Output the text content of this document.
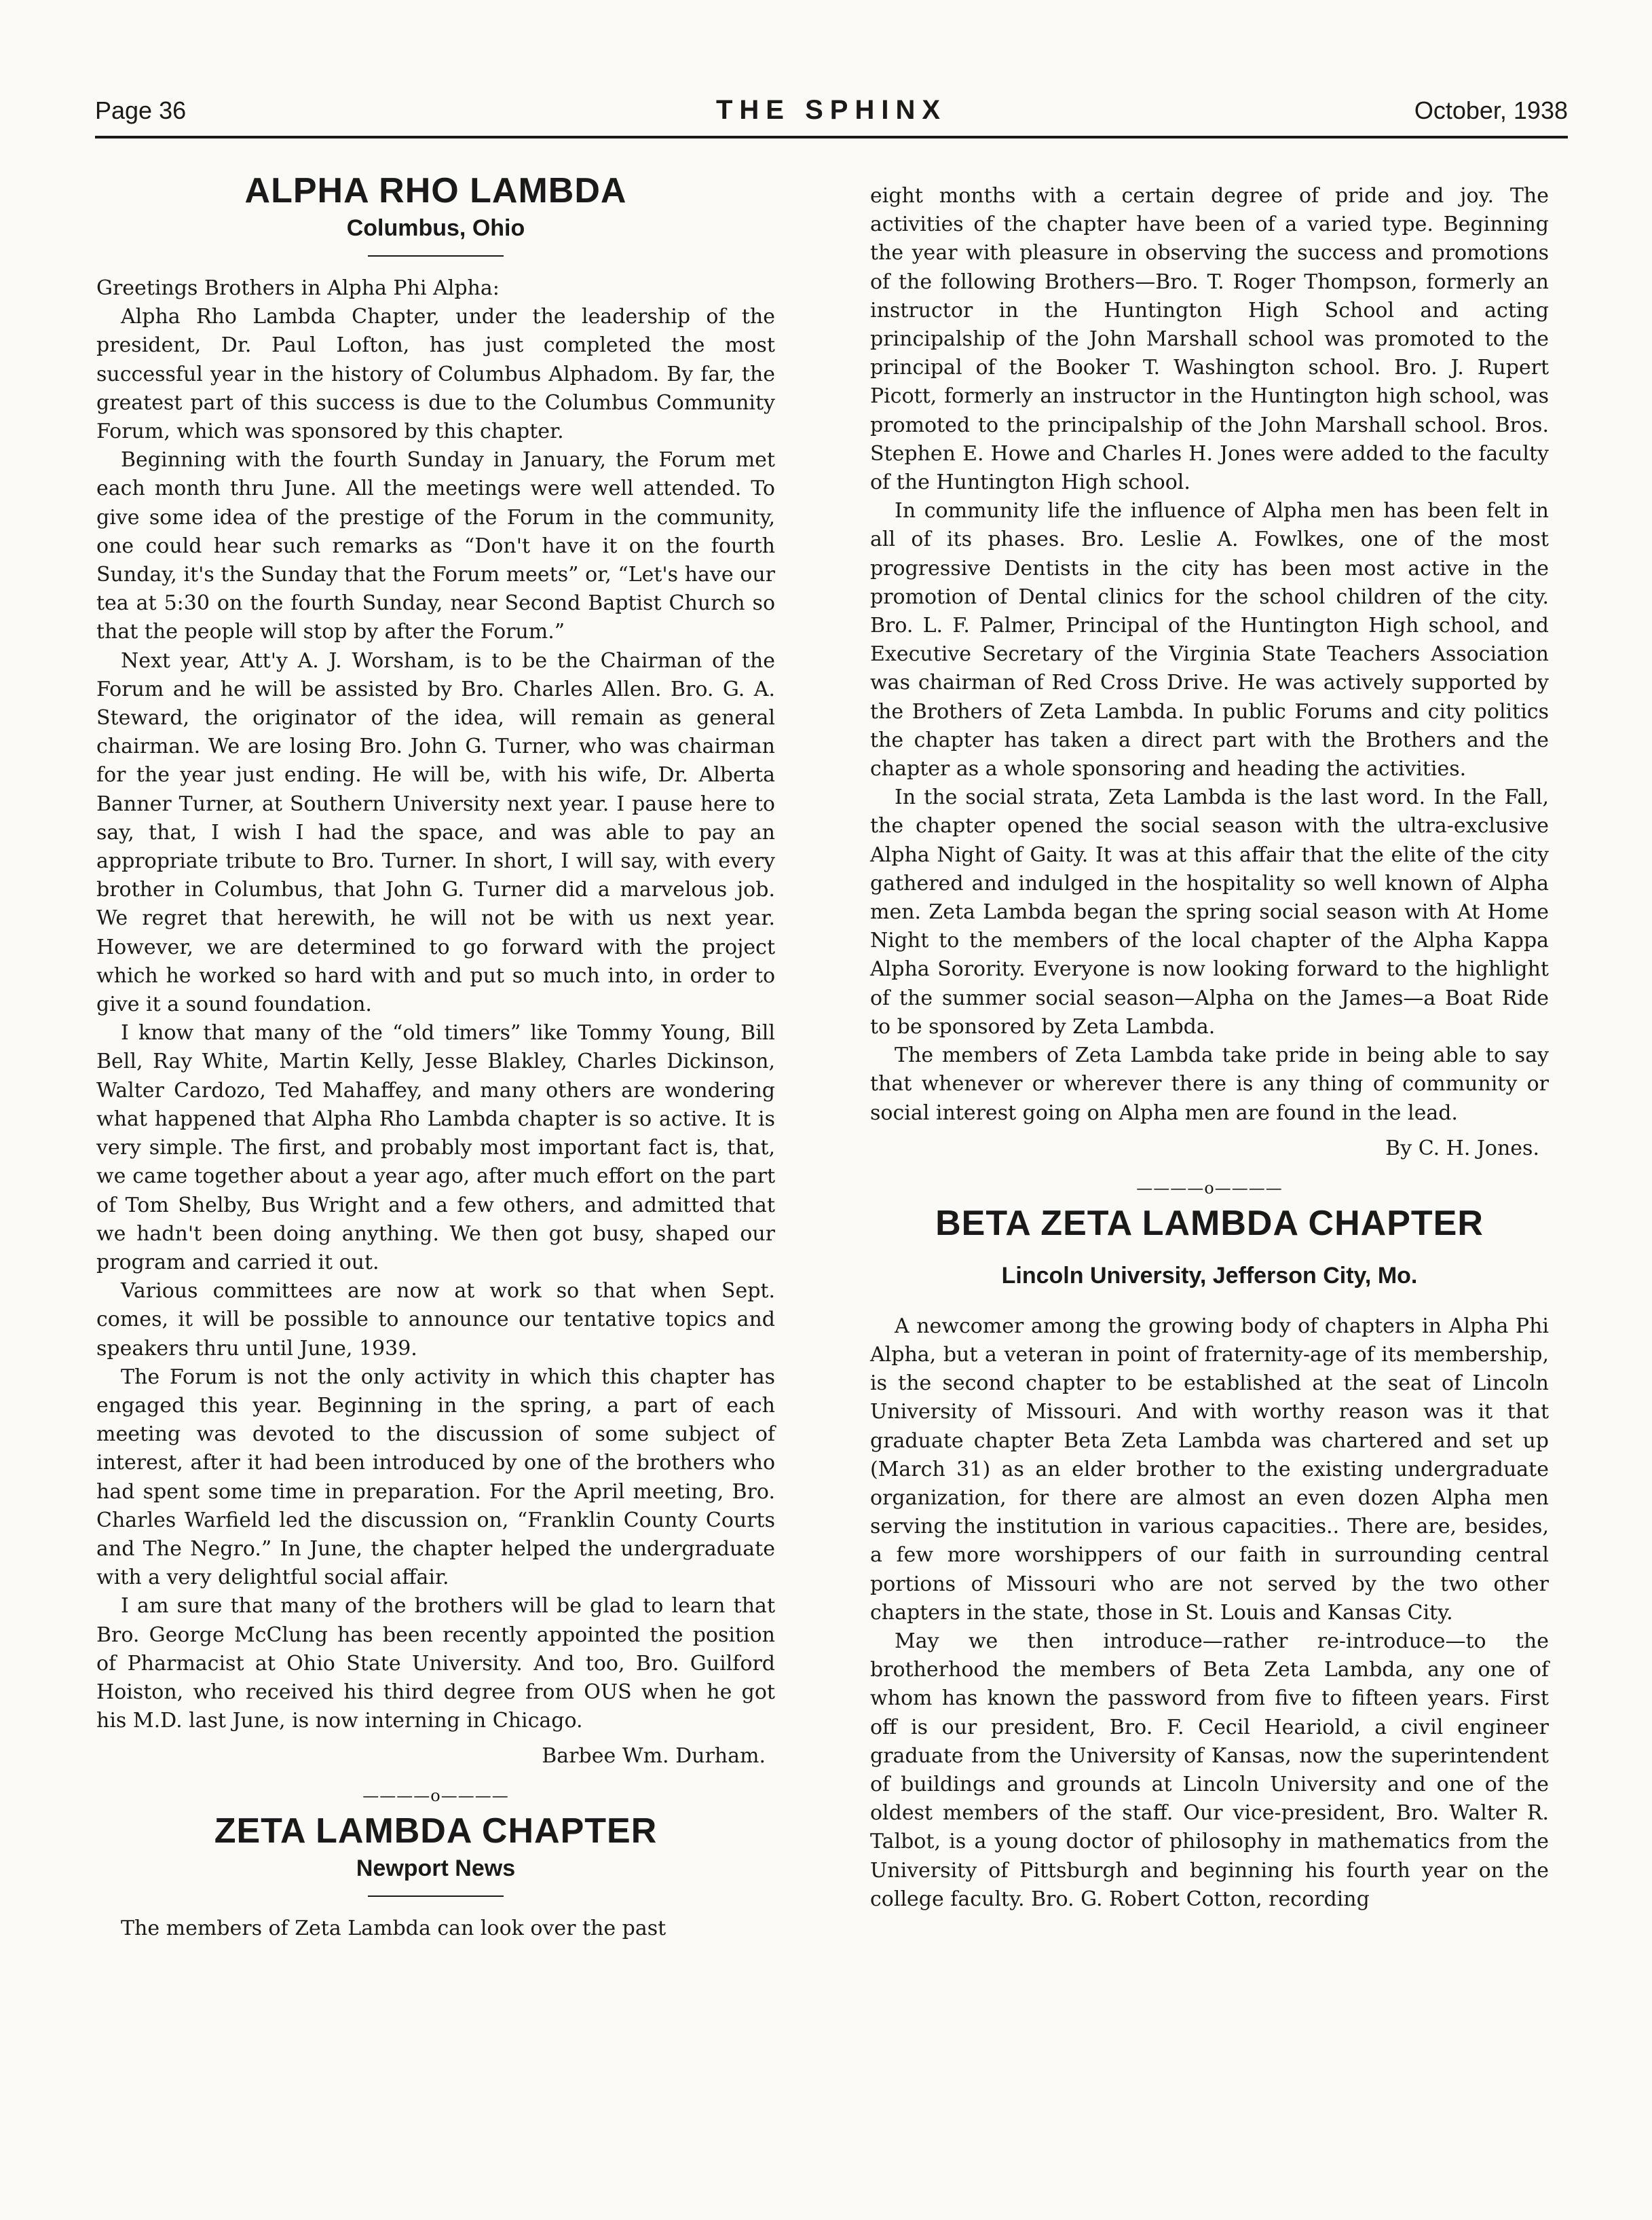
Page 36	THE SPHINX	October, 1938
ALPHA RHO LAMBDA
Columbus, Ohio

Greetings Brothers in Alpha Phi Alpha:

Alpha Rho Lambda Chapter, under the leadership of the president, Dr. Paul Lofton, has just completed the most successful year in the history of Columbus Alphadom. By far, the greatest part of this success is due to the Columbus Community Forum, which was sponsored by this chapter.

Beginning with the fourth Sunday in January, the Forum met each month thru June. All the meetings were well attended. To give some idea of the prestige of the Forum in the community, one could hear such remarks as “Don't have it on the fourth Sunday, it's the Sunday that the Forum meets” or, “Let's have our tea at 5:30 on the fourth Sunday, near Second Baptist Church so that the people will stop by after the Forum.”

Next year, Att'y A. J. Worsham, is to be the Chairman of the Forum and he will be assisted by Bro. Charles Allen. Bro. G. A. Steward, the originator of the idea, will remain as general chairman. We are losing Bro. John G. Turner, who was chairman for the year just ending. He will be, with his wife, Dr. Alberta Banner Turner, at Southern University next year. I pause here to say, that, I wish I had the space, and was able to pay an appropriate tribute to Bro. Turner. In short, I will say, with every brother in Columbus, that John G. Turner did a marvelous job. We regret that herewith, he will not be with us next year. However, we are determined to go forward with the project which he worked so hard with and put so much into, in order to give it a sound foundation.

I know that many of the “old timers” like Tommy Young, Bill Bell, Ray White, Martin Kelly, Jesse Blakley, Charles Dickinson, Walter Cardozo, Ted Mahaffey, and many others are wondering what happened that Alpha Rho Lambda chapter is so active. It is very simple. The first, and probably most important fact is, that, we came together about a year ago, after much effort on the part of Tom Shelby, Bus Wright and a few others, and admitted that we hadn't been doing anything. We then got busy, shaped our program and carried it out.

Various committees are now at work so that when Sept. comes, it will be possible to announce our tentative topics and speakers thru until June, 1939.

The Forum is not the only activity in which this chapter has engaged this year. Beginning in the spring, a part of each meeting was devoted to the discussion of some subject of interest, after it had been introduced by one of the brothers who had spent some time in preparation. For the April meeting, Bro. Charles Warfield led the discussion on, “Franklin County Courts and The Negro.” In June, the chapter helped the undergraduate with a very delightful social affair.

I am sure that many of the brothers will be glad to learn that Bro. George McClung has been recently appointed the position of Pharmacist at Ohio State University. And too, Bro. Guilford Hoiston, who received his third degree from OUS when he got his M.D. last June, is now interning in Chicago.

Barbee Wm. Durham.
————o————
ZETA LAMBDA CHAPTER
Newport News

The members of Zeta Lambda can look over the past

eight months with a certain degree of pride and joy. The activities of the chapter have been of a varied type. Beginning the year with pleasure in observing the success and promotions of the following Brothers—Bro. T. Roger Thompson, formerly an instructor in the Huntington High School and acting principalship of the John Marshall school was promoted to the principal of the Booker T. Washington school. Bro. J. Rupert Picott, formerly an instructor in the Huntington high school, was promoted to the principalship of the John Marshall school. Bros. Stephen E. Howe and Charles H. Jones were added to the faculty of the Huntington High school.

In community life the influence of Alpha men has been felt in all of its phases. Bro. Leslie A. Fowlkes, one of the most progressive Dentists in the city has been most active in the promotion of Dental clinics for the school children of the city. Bro. L. F. Palmer, Principal of the Huntington High school, and Executive Secretary of the Virginia State Teachers Association was chairman of Red Cross Drive. He was actively supported by the Brothers of Zeta Lambda. In public Forums and city politics the chapter has taken a direct part with the Brothers and the chapter as a whole sponsoring and heading the activities.

In the social strata, Zeta Lambda is the last word. In the Fall, the chapter opened the social season with the ultra-exclusive Alpha Night of Gaity. It was at this affair that the elite of the city gathered and indulged in the hospitality so well known of Alpha men. Zeta Lambda began the spring social season with At Home Night to the members of the local chapter of the Alpha Kappa Alpha Sorority. Everyone is now looking forward to the highlight of the summer social season—Alpha on the James—a Boat Ride to be sponsored by Zeta Lambda.

The members of Zeta Lambda take pride in being able to say that whenever or wherever there is any thing of community or social interest going on Alpha men are found in the lead.

By C. H. Jones.
————o————
BETA ZETA LAMBDA CHAPTER
Lincoln University, Jefferson City, Mo.

A newcomer among the growing body of chapters in Alpha Phi Alpha, but a veteran in point of fraternity-age of its membership, is the second chapter to be established at the seat of Lincoln University of Missouri. And with worthy reason was it that graduate chapter Beta Zeta Lambda was chartered and set up (March 31) as an elder brother to the existing undergraduate organization, for there are almost an even dozen Alpha men serving the institution in various capacities.. There are, besides, a few more worshippers of our faith in surrounding central portions of Missouri who are not served by the two other chapters in the state, those in St. Louis and Kansas City.

May we then introduce—rather re-introduce—to the brotherhood the members of Beta Zeta Lambda, any one of whom has known the password from five to fifteen years. First off is our president, Bro. F. Cecil Heariold, a civil engineer graduate from the University of Kansas, now the superintendent of buildings and grounds at Lincoln University and one of the oldest members of the staff. Our vice-president, Bro. Walter R. Talbot, is a young doctor of philosophy in mathematics from the University of Pittsburgh and beginning his fourth year on the college faculty. Bro. G. Robert Cotton, recording
